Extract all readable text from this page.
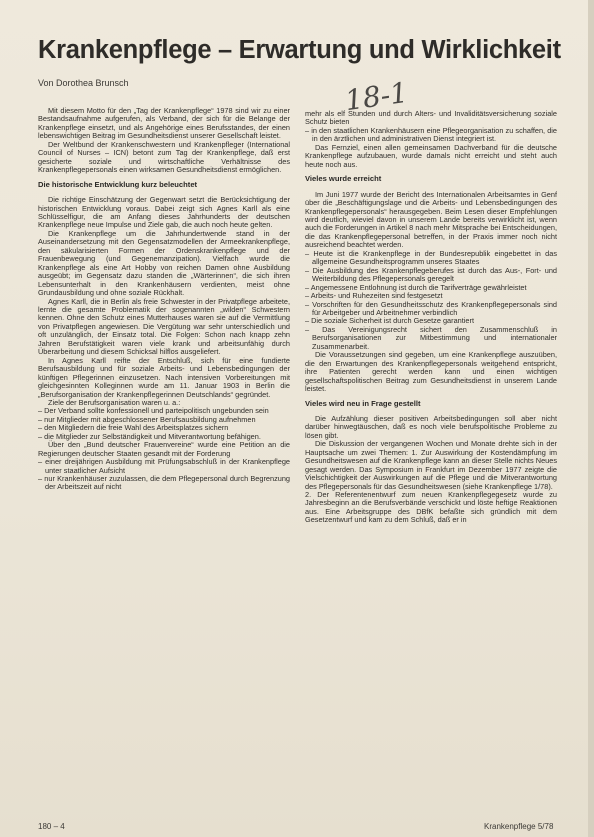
Krankenpflege – Erwartung und Wirklichkeit
Von Dorothea Brunsch	18-1

Mit diesem Motto für den „Tag der Krankenpflege“ 1978 sind wir zu einer Bestandsaufnahme aufgerufen, als Verband, der sich für die Belange der Krankenpflege einsetzt, und als Angehörige eines Berufsstandes, der einen lebenswichtigen Beitrag im Gesundheitsdienst unserer Gesellschaft leistet.

Der Weltbund der Krankenschwestern und Krankenpfleger (International Council of Nurses – ICN) betont zum Tag der Krankenpflege, daß erst gesicherte soziale und wirtschaftliche Verhältnisse des Krankenpflegepersonals einen wirksamen Gesundheitsdienst ermöglichen.

Die historische Entwicklung kurz beleuchtet

Die richtige Einschätzung der Gegenwart setzt die Berücksichtigung der historischen Entwicklung voraus. Dabei zeigt sich Agnes Karll als eine Schlüsselfigur, die am Anfang dieses Jahrhunderts der deutschen Krankenpflege neue Impulse und Ziele gab, die auch noch heute gelten.

Die Krankenpflege um die Jahrhundertwende stand in der Auseinandersetzung mit den Gegensatzmodellen der Armeekrankenpflege, den säkularisierten Formen der Ordenskrankenpflege und der Frauenbewegung (und Gegenemanzipation). Vielfach wurde die Krankenpflege als eine Art Hobby von reichen Damen ohne Ausbildung ausgeübt; im Gegensatz dazu standen die „Wärterinnen“, die sich ihren Lebensunterhalt in den Krankenhäusern verdienten, meist ohne Grundausbildung und ohne soziale Rückhalt.

Agnes Karll, die in Berlin als freie Schwester in der Privatpflege arbeitete, lernte die gesamte Problematik der sogenannten „wilden“ Schwestern kennen. Ohne den Schutz eines Mutterhauses waren sie auf die Vermittlung von Privatpflegen angewiesen. Die Vergütung war sehr unterschiedlich und oft unzulänglich, der Einsatz total. Die Folgen: Schon nach knapp zehn Jahren Berufstätigkeit waren viele krank und arbeitsunfähig durch Überarbeitung und diesem Schicksal hilflos ausgeliefert.

In Agnes Karll reifte der Entschluß, sich für eine fundierte Berufsausbildung und für soziale Arbeits- und Lebensbedingungen der künftigen Pflegerinnen einzusetzen. Nach intensiven Vorbereitungen mit gleichgesinnten Kolleginnen wurde am 11. Januar 1903 in Berlin die „Berufsorganisation der Krankenpflegerinnen Deutschlands“ gegründet.

Ziele der Berufsorganisation waren u. a.:

– Der Verband sollte konfessionell und parteipolitisch ungebunden sein
– nur Mitglieder mit abgeschlossener Berufsausbildung aufnehmen
– den Mitgliedern die freie Wahl des Arbeitsplatzes sichern
– die Mitglieder zur Selbständigkeit und Mitverantwortung befähigen.

Über den „Bund deutscher Frauenvereine“ wurde eine Petition an die Regierungen deutscher Staaten gesandt mit der Forderung

– einer dreijährigen Ausbildung mit Prüfungsabschluß in der Krankenpflege unter staatlicher Aufsicht
– nur Krankenhäuser zuzulassen, die dem Pflegepersonal durch Begrenzung der Arbeitszeit auf nicht

mehr als elf Stunden und durch Alters- und Invaliditätsversicherung soziale Schutz bieten

– in den staatlichen Krankenhäusern eine Pflegeorganisation zu schaffen, die in den ärztlichen und administrativen Dienst integriert ist.

Das Fernziel, einen allen gemeinsamen Dachverband für die deutsche Krankenpflege aufzubauen, wurde damals nicht erreicht und steht auch heute noch aus.

Vieles wurde erreicht

Im Juni 1977 wurde der Bericht des Internationalen Arbeitsamtes in Genf über die „Beschäftigungslage und die Arbeits- und Lebensbedingungen des Krankenpflegepersonals“ herausgegeben. Beim Lesen dieser Empfehlungen wird deutlich, wieviel davon in unserem Lande bereits verwirklicht ist, wenn auch die Forderungen in Artikel 8 nach mehr Mitsprache bei Entscheidungen, die das Krankenpflegepersonal betreffen, in der Praxis immer noch nicht ausreichend beachtet werden.

– Heute ist die Krankenpflege in der Bundesrepublik eingebettet in das allgemeine Gesundheitsprogramm unseres Staates
– Die Ausbildung des Krankenpflegeberufes ist durch das Aus-, Fort- und Weiterbildung des Pflegepersonals geregelt
– Angemessene Entlohnung ist durch die Tarifverträge gewährleistet
– Arbeits- und Ruhezeiten sind festgesetzt
– Vorschriften für den Gesundheitsschutz des Krankenpflegepersonals sind für Arbeitgeber und Arbeitnehmer verbindlich
– Die soziale Sicherheit ist durch Gesetze garantiert
– Das Vereinigungsrecht sichert den Zusammenschluß in Berufsorganisationen zur Mitbestimmung und internationaler Zusammenarbeit.

Die Voraussetzungen sind gegeben, um eine Krankenpflege auszuüben, die den Erwartungen des Krankenpflegepersonals weitgehend entspricht, ihre Patienten gerecht werden kann und einen wichtigen gesellschaftspolitischen Beitrag zum Gesundheitsdienst in unserem Lande leistet.

Vieles wird neu in Frage gestellt

Die Aufzählung dieser positiven Arbeitsbedingungen soll aber nicht darüber hinwegtäuschen, daß es noch viele berufspolitische Probleme zu lösen gibt.

Die Diskussion der vergangenen Wochen und Monate drehte sich in der Hauptsache um zwei Themen: 1. Zur Auswirkung der Kostendämpfung im Gesundheitswesen auf die Krankenpflege kann an dieser Stelle nichts Neues gesagt werden. Das Symposium in Frankfurt im Dezember 1977 zeigte die Vielschichtigkeit der Auswirkungen auf die Pflege und die Mitverantwortung des Pflegepersonals für das Gesundheitswesen (siehe Krankenpflege 1/78).

2. Der Referentenentwurf zum neuen Krankenpflegegesetz wurde zu Jahresbeginn an die Berufsverbände verschickt und löste heftige Reaktionen aus. Eine Arbeitsgruppe des DBfK befaßte sich gründlich mit dem Gesetzentwurf und kam zu dem Schluß, daß er in

180 – 4	Krankenpflege 5/78
